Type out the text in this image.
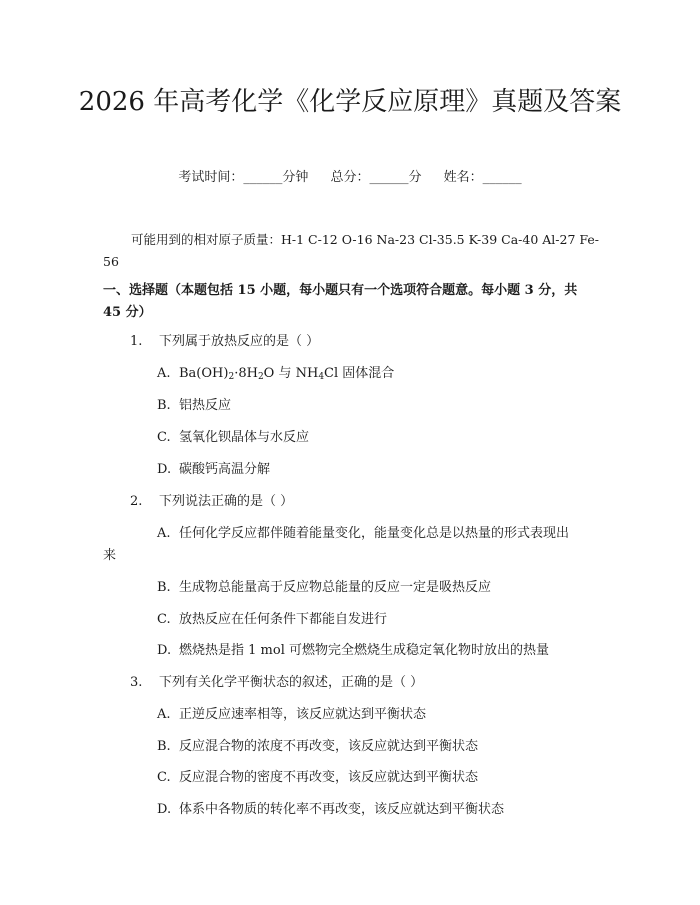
2026 年高考化学《化学反应原理》真题及答案
考试时间：______分钟 总分：______分 姓名：______
可能用到的相对原子质量：H-1 C-12 O-16 Na-23 Cl-35.5 K-39 Ca-40 Al-27 Fe-56
一、选择题（本题包括 15 小题，每小题只有一个选项符合题意。每小题 3 分，共 45 分）
1. 下列属于放热反应的是（ ）
A. $Ba(OH)_2\cdot 8H_2O$ 与 $NH_4Cl$ 固体混合
B. 铝热反应
C. 氢氧化钡晶体与水反应
D. 碳酸钙高温分解
2. 下列说法正确的是（ ）
A. 任何化学反应都伴随着能量变化，能量变化总是以热量的形式表现出
来
B. 生成物总能量高于反应物总能量的反应一定是吸热反应
C. 放热反应在任何条件下都能自发进行
D. 燃烧热是指 1 mol 可燃物完全燃烧生成稳定氧化物时放出的热量
3. 下列有关化学平衡状态的叙述，正确的是（ ）
A. 正逆反应速率相等，该反应就达到平衡状态
B. 反应混合物的浓度不再改变，该反应就达到平衡状态
C. 反应混合物的密度不再改变，该反应就达到平衡状态
D. 体系中各物质的转化率不再改变，该反应就达到平衡状态
